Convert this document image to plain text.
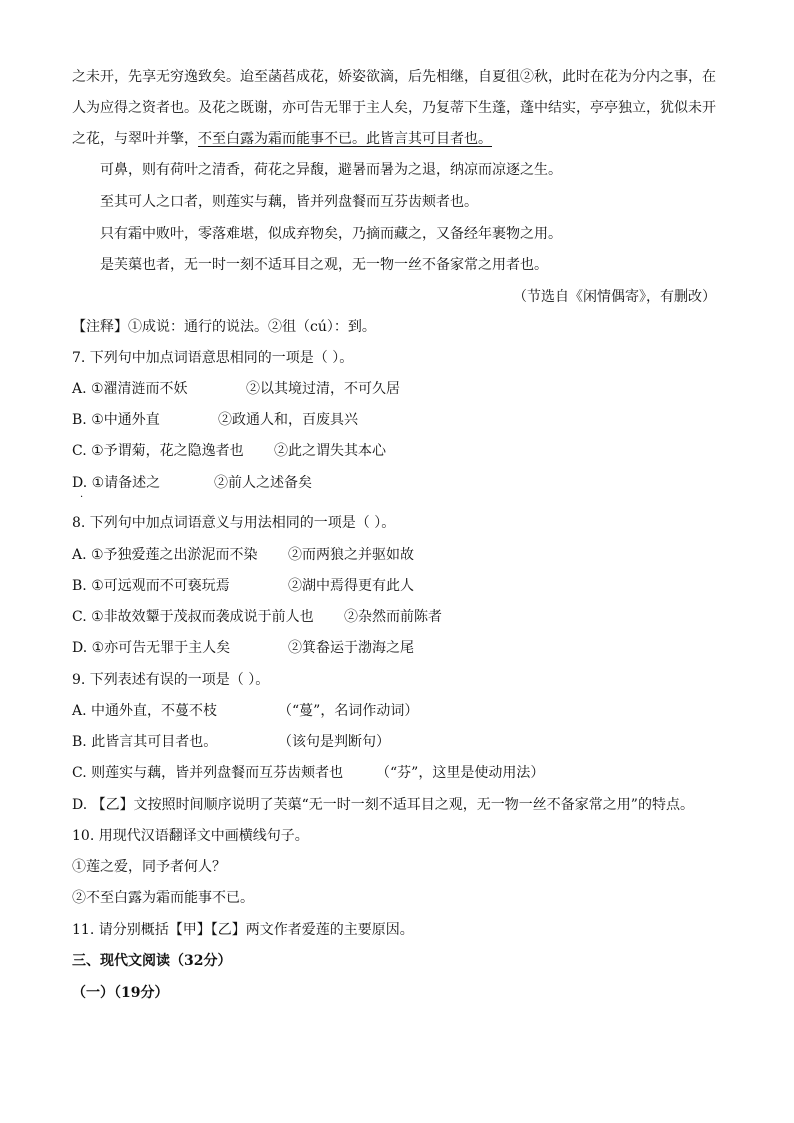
之未开，先享无穷逸致矣。迨至菡萏成花，娇姿欲滴，后先相继，自夏徂②秋，此时在花为分内之事，在
人为应得之资者也。及花之既谢，亦可告无罪于主人矣，乃复蒂下生蓬，蓬中结实，亭亭独立，犹似未开
之花，与翠叶并擎，不至白露为霜而能事不已。此皆言其可目者也。
可鼻，则有荷叶之清香，荷花之异馥，避暑而暑为之退，纳凉而凉逐之生。
至其可人之口者，则莲实与藕，皆并列盘餐而互芬齿颊者也。
只有霜中败叶，零落难堪，似成弃物矣，乃摘而藏之，又备经年裹物之用。
是芙蕖也者，无一时一刻不适耳目之观，无一物一丝不备家常之用者也。
（节选自《闲情偶寄》，有删改）
【注释】①成说：通行的说法。②徂（cú）：到。
7. 下列句中加点词语意思相同的一项是（ ）。
A. ①濯清涟而不妖	②以其境过清，不可久居
B. ①中通外直	②政通人和，百废具兴
C. ①予谓菊，花之隐逸者也 ②此之谓失其本心
D. ①请备述之	②前人之述备矣
·
8. 下列句中加点词语意义与用法相同的一项是（ ）。
A. ①予独爱莲之出淤泥而不染 ②而两狼之并驱如故
B. ①可远观而不可亵玩焉	②湖中焉得更有此人
C. ①非故效颦于茂叔而袭成说于前人也 ②杂然而前陈者
D. ①亦可告无罪于主人矣	②箕畚运于渤海之尾
9. 下列表述有误的一项是（ ）。
A. 中通外直，不蔓不枝	（“蔓”，名词作动词）
B. 此皆言其可目者也。	（该句是判断句）
C. 则莲实与藕，皆并列盘餐而互芬齿颊者也 （“芬”，这里是使动用法）
D. 【乙】文按照时间顺序说明了芙蕖“无一时一刻不适耳目之观，无一物一丝不备家常之用”的特点。
10. 用现代汉语翻译文中画横线句子。
①莲之爱，同予者何人？
②不至白露为霜而能事不已。
11. 请分别概括【甲】【乙】两文作者爱莲的主要原因。
三、现代文阅读（32分）
（一）（19分）
